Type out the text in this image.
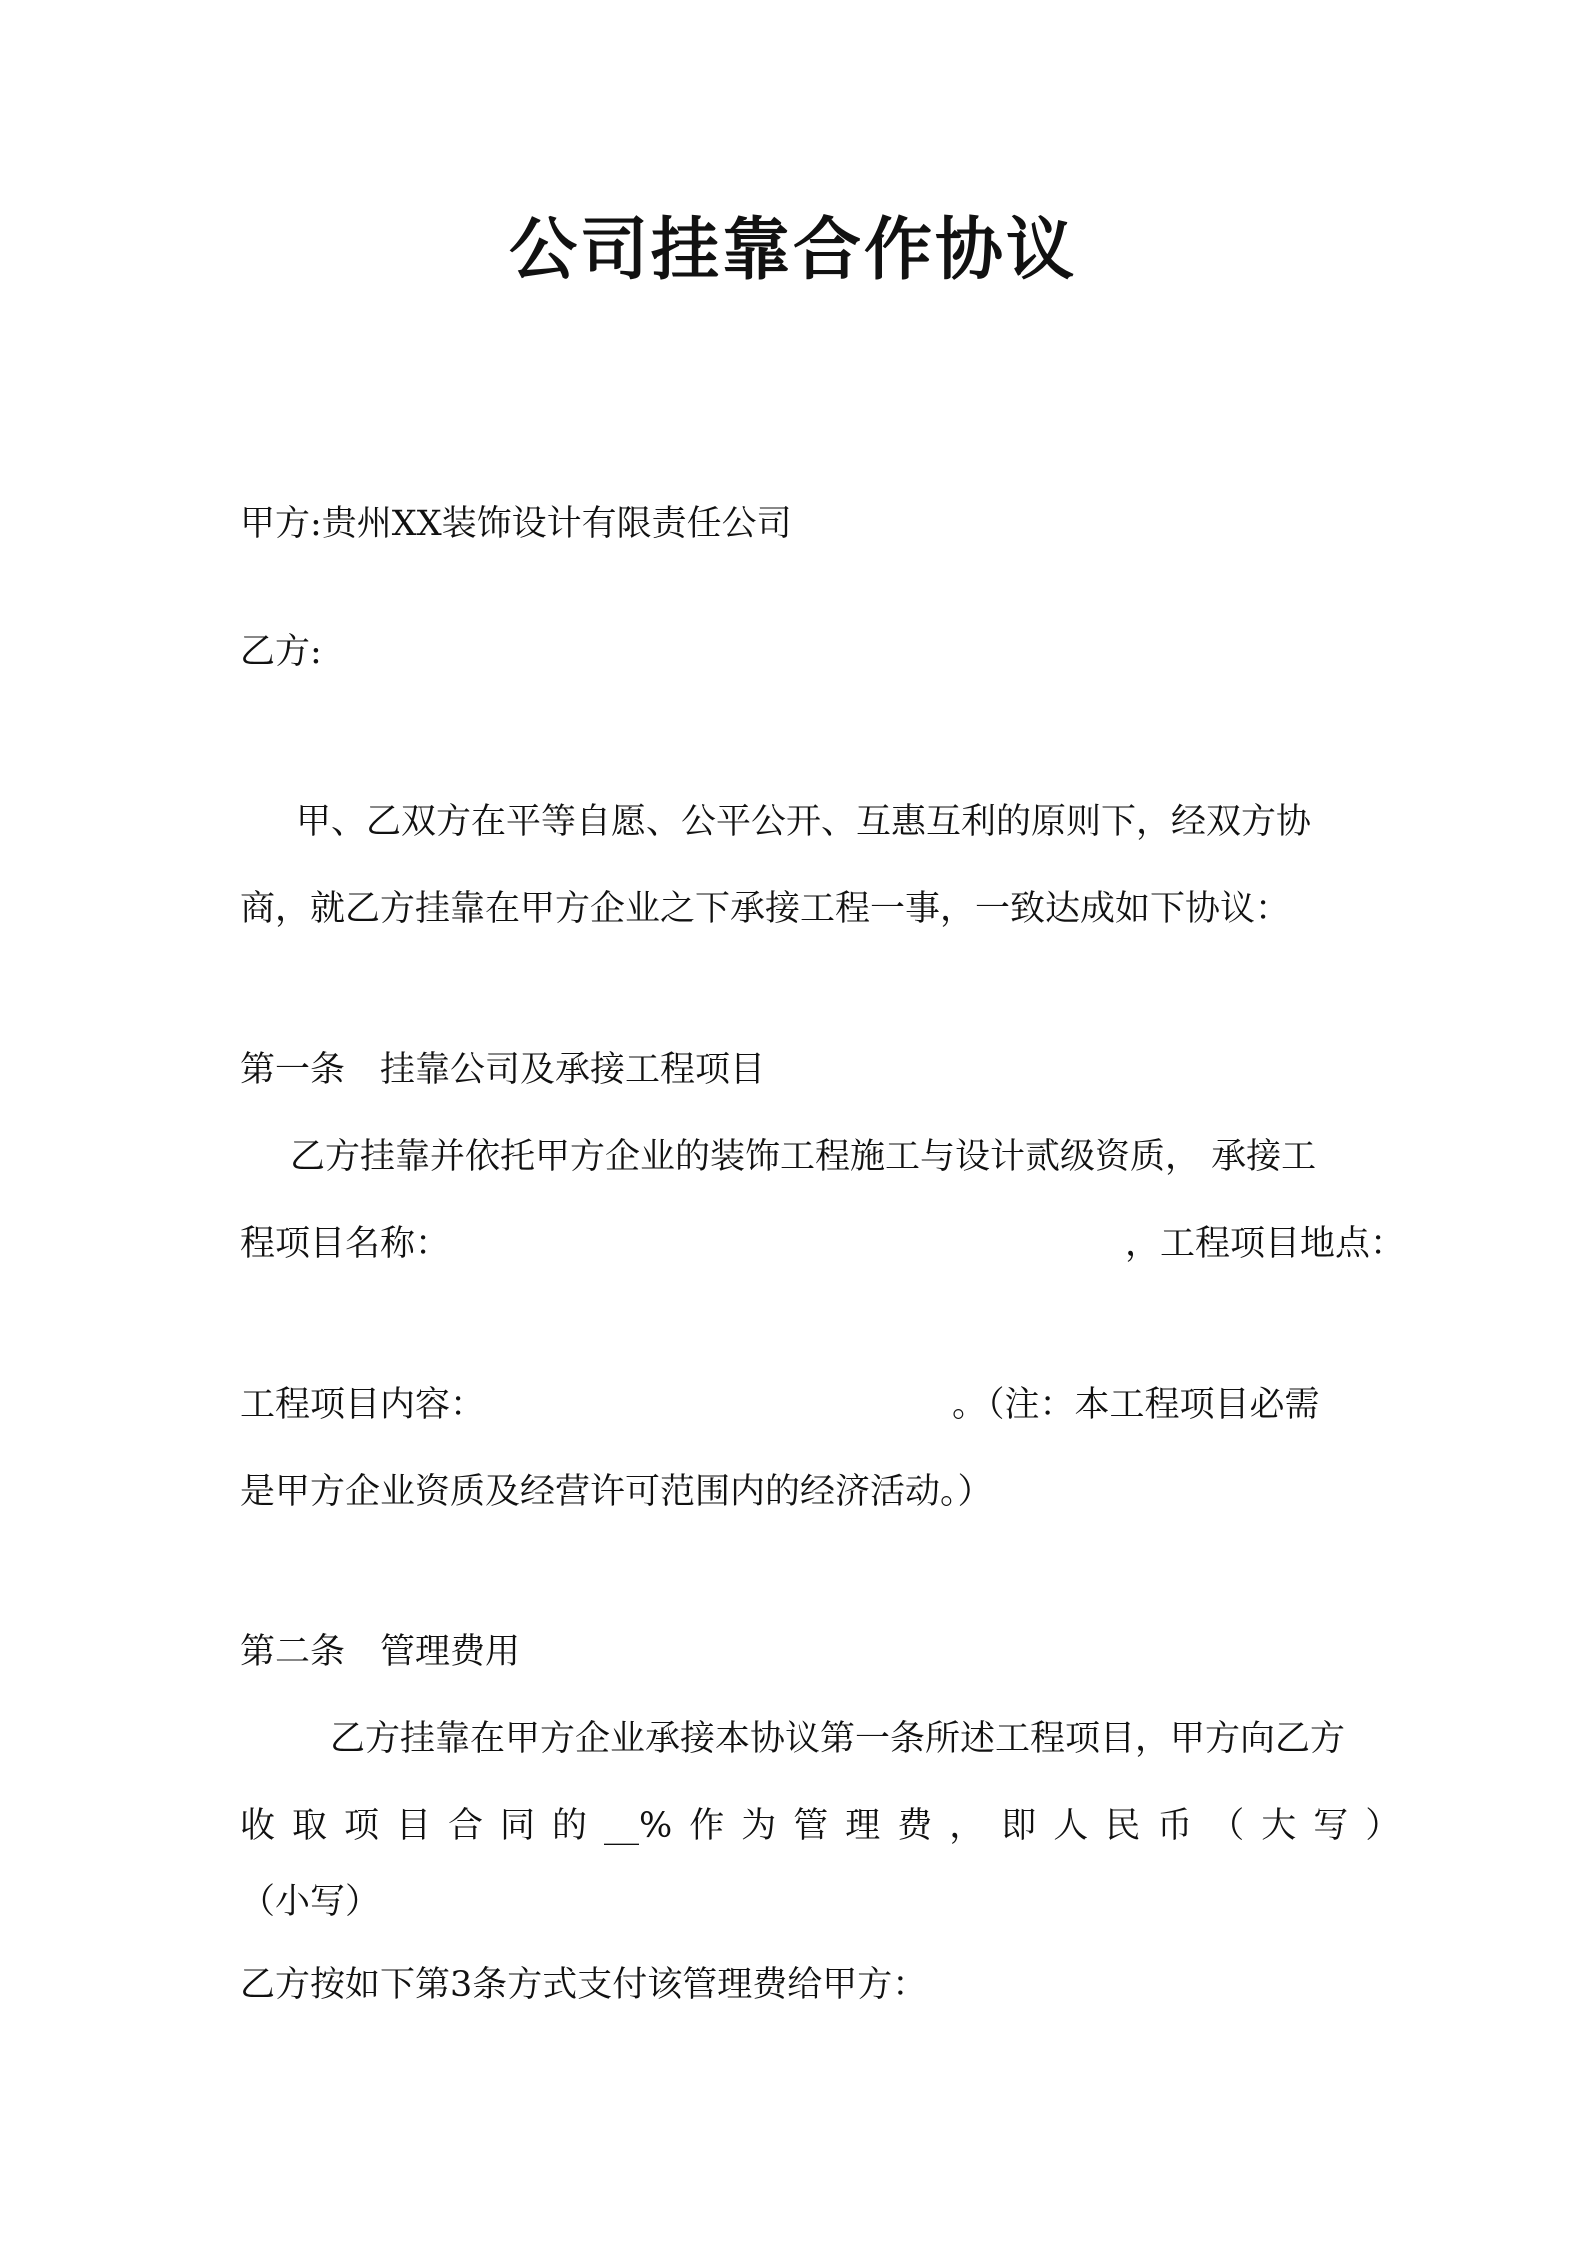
公司挂靠合作协议
甲方:贵州XX装饰设计有限责任公司
乙方:
甲、乙双方在平等自愿、公平公开、互惠互利的原则下，经双方协
商，就乙方挂靠在甲方企业之下承接工程一事，一致达成如下协议：
第一条　挂靠公司及承接工程项目
乙方挂靠并依托甲方企业的装饰工程施工与设计贰级资质， 承接工
程项目名称：	，工程项目地点：
工程项目内容：	。（注：本工程项目必需
是甲方企业资质及经营许可范围内的经济活动。）
第二条　管理费用
乙方挂靠在甲方企业承接本协议第一条所述工程项目，甲方向乙方
收取项目合同的__%作为管理费，即人民币（大写）
（小写）
乙方按如下第3条方式支付该管理费给甲方：
